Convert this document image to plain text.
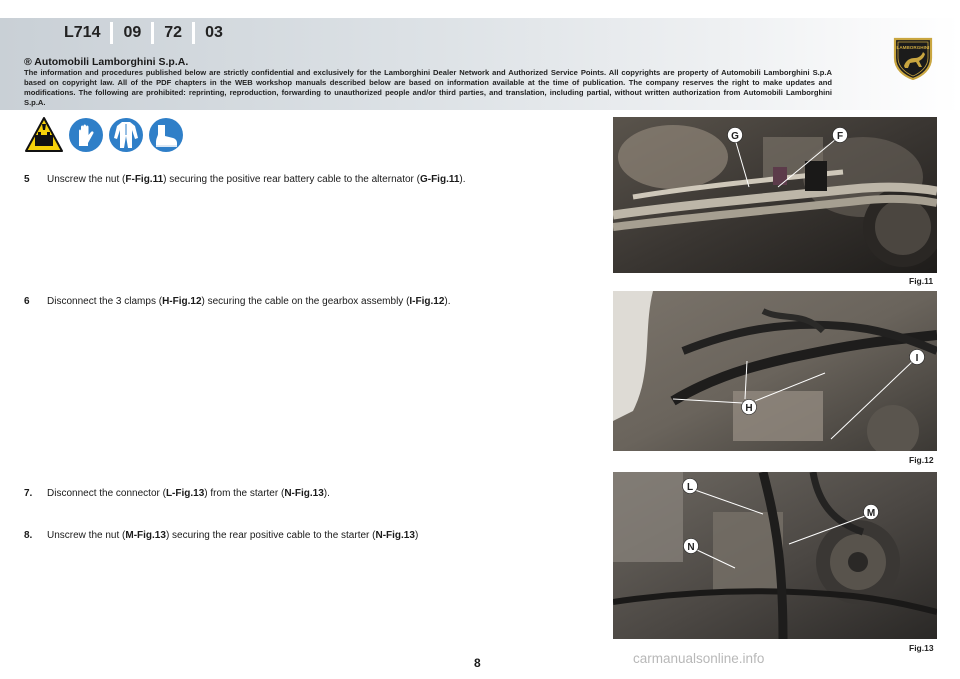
L714	09	72	03
® Automobili Lamborghini S.p.A.
The information and procedures published below are strictly confidential and exclusively for the Lamborghini Dealer Network and Authorized Service Points. All copyrights are property of Automobili Lamborghini S.p.A based on copyright law. All of the PDF chapters in the WEB workshop manuals described below are based on information available at the time of publication. The company reserves the right to make updates and modifications. The following are prohibited: reprinting, reproduction, forwarding to unauthorized people and/or third parties, and translation, including partial, without written authorization from Automobili Lamborghini S.p.A.
LAMBORGHINI
5 Unscrew the nut (F-Fig.11) securing the positive rear battery cable to the alternator (G-Fig.11).
6 Disconnect the 3 clamps (H-Fig.12) securing the cable on the gearbox assembly (I-Fig.12).
7. Disconnect the connector (L-Fig.13) from the starter (N-Fig.13).
8. Unscrew the nut (M-Fig.13) securing the rear positive cable to the starter (N-Fig.13)
G	F
Fig.11
I
H
Fig.12
L
M
N
Fig.13
8	carmanualsonline.info
